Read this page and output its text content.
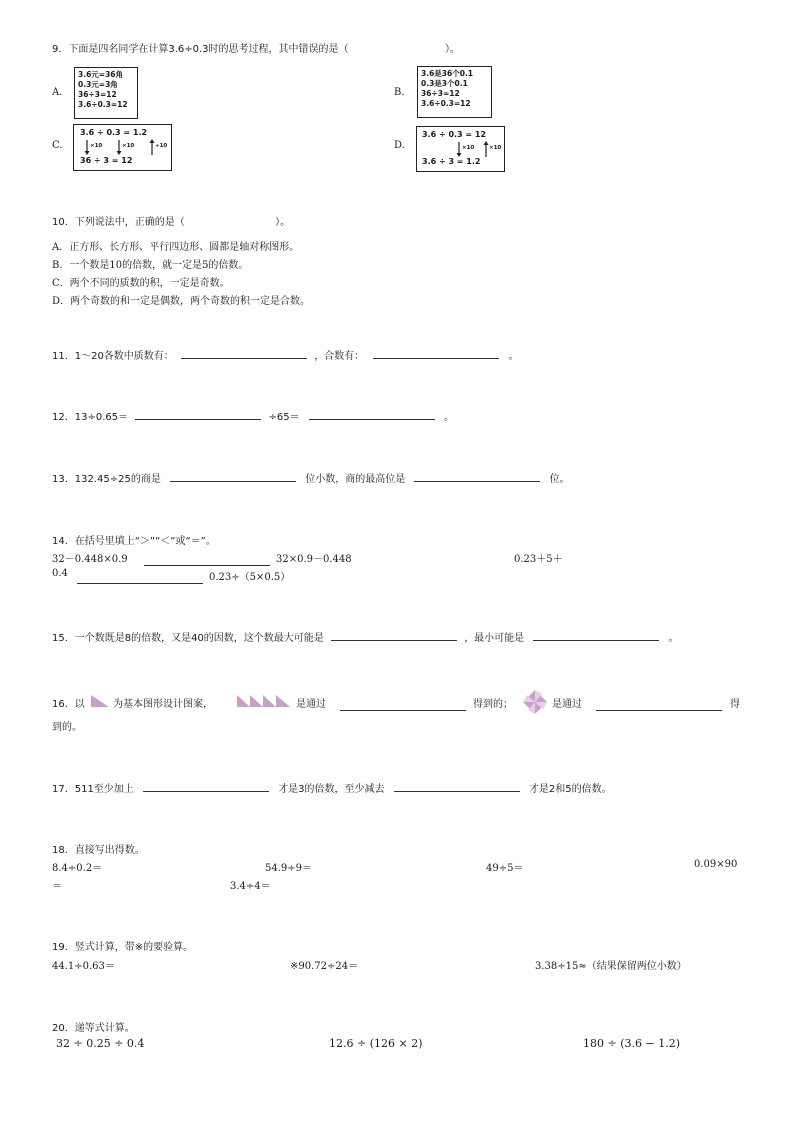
9．下面是四名同学在计算3.6÷0.3时的思考过程，其中错误的是（	）。
A.
3.6元=36角
0.3元=3角
36÷3=12
3.6÷0.3=12
B.
3.6是36个0.1
0.3是3个0.1
36÷3=12
3.6÷0.3=12
C.
3.6 ÷ 0.3 = 1.2
×10	×10	÷10
36 ÷ 3 = 12
D.
3.6 ÷ 0.3 = 12
×10	×10
3.6 ÷ 3 = 1.2
10．下列说法中，正确的是（	）。
A．正方形、长方形、平行四边形、圆都是轴对称图形。
B．一个数是10的倍数，就一定是5的倍数。
C．两个不同的质数的积，一定是奇数。
D．两个奇数的和一定是偶数，两个奇数的积一定是合数。
11．1～20各数中质数有：	，合数有：	。
12．13÷0.65＝	÷65＝	。
13．132.45÷25的商是	位小数，商的最高位是	位。
14．在括号里填上“＞”“＜”或“＝”。
32－0.448×0.9	32×0.9－0.448	0.23＋5＋
0.4	0.23÷（5×0.5）
15．一个数既是8的倍数，又是40的因数，这个数最大可能是	，最小可能是	。
16．以	为基本图形设计图案，	是通过	得到的；	是通过	得
到的。
17．511至少加上	才是3的倍数，至少减去	才是2和5的倍数。
18．直接写出得数。
8.4÷0.2＝	54.9÷9＝	49÷5＝	0.09×90
＝	3.4÷4＝
19．竖式计算，带※的要验算。
44.1÷0.63＝	※90.72÷24＝	3.38÷15≈（结果保留两位小数）
20．递等式计算。
32 ÷ 0.25 ÷ 0.4	12.6 ÷ (126 × 2)	180 ÷ (3.6 − 1.2)
